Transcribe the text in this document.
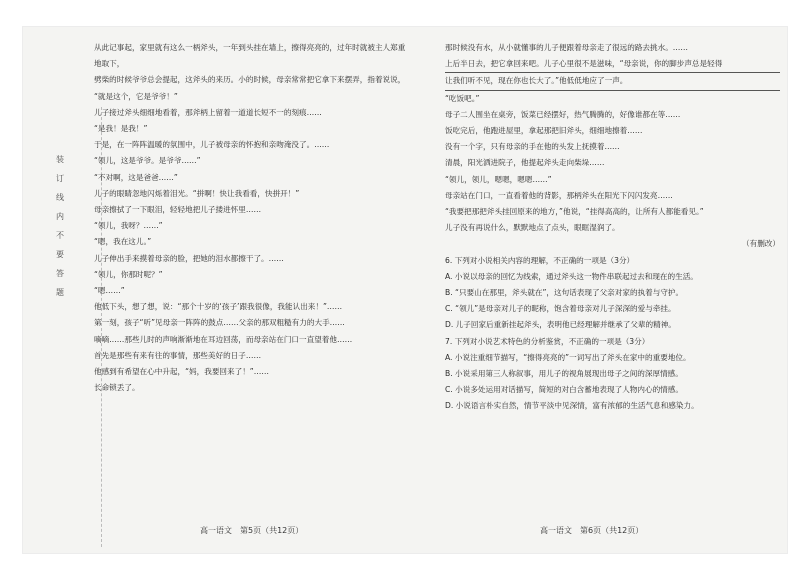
装
订
线
内
不
要
答
题

从此记事起，家里就有这么一柄斧头，一年到头挂在墙上，擦得亮亮的，过年时就被主人郑重地取下，

劈柴的时候爷爷总会提起，这斧头的来历。小的时候，母亲常常把它拿下来摆弄，指着说说，

“就是这个，它是爷爷！”

儿子接过斧头细细地看着，那斧柄上留着一道道长短不一的刻痕……

“是我！是我！”

于是，在一阵阵温暖的氛围中，儿子被母亲的怀抱和亲吻淹没了。……

“领儿，这是爷爷。是爷爷……”

“不对啊，这是爸爸……”

儿子的眼睛忽地闪烁着泪光。“拼啊！快让我看看，快拼开！”

母亲擦拭了一下眼泪，轻轻地把儿子搂进怀里……

“领儿，我呀？……”

“嗯，我在这儿。”

儿子伸出手来摸着母亲的脸，把她的泪水都擦干了。……

“领儿，你那时呢？”

“嗯……”

他低下头，想了想，说：“那个十岁的‘孩子’跟我很像，我能认出来！”……

第一刻，孩子“听”见母亲一阵阵的鼓点……父亲的那双粗糙有力的大手……

嘀嘀……那些儿时的声响渐渐地在耳边回荡，而母亲站在门口一直望着他……

首先是那些有来有往的事情，那些美好的日子……

他感到有希望在心中升起，“妈，我要回来了！”……

长命锁丢了。

那时候没有水，从小就懂事的儿子便跟着母亲走了很远的路去挑水。……

上后半日去，把它拿回来吧。儿子心里很不是滋味，“母亲说，你的脚步声总是轻得

让我们听不见，现在你也长大了。”他低低地应了一声。

“吃饭吧。”

母子二人围坐在桌旁，饭菜已经摆好，热气腾腾的，好像谁都在等……

饭吃完后，他跑进屋里，拿起那把旧斧头，细细地擦着……

没有一个字，只有母亲的手在他的头发上抚摸着……

清晨，阳光洒进院子，他提起斧头走向柴垛……

“领儿，领儿，嗯嗯，嗯嗯……”

母亲站在门口，一直看着他的背影，那柄斧头在阳光下闪闪发亮……

“我要把那把斧头挂回原来的地方，”他说，“挂得高高的，让所有人都能看见。”

儿子没有再说什么，默默地点了点头，眼眶湿润了。

（有删改）

6. 下列对小说相关内容的理解，不正确的一项是（3分）

A. 小说以母亲的回忆为线索，通过斧头这一物件串联起过去和现在的生活。

B. “只要山在那里，斧头就在”，这句话表现了父亲对家的执着与守护。

C. “领儿”是母亲对儿子的昵称，饱含着母亲对儿子深深的爱与牵挂。

D. 儿子回家后重新挂起斧头，表明他已经理解并继承了父辈的精神。

7. 下列对小说艺术特色的分析鉴赏，不正确的一项是（3分）

A. 小说注重细节描写，“擦得亮亮的”一词写出了斧头在家中的重要地位。

B. 小说采用第三人称叙事，用儿子的视角展现出母子之间的深厚情感。

C. 小说多处运用对话描写，简短的对白含蓄地表现了人物内心的情感。

D. 小说语言朴实自然，情节平淡中见深情，富有浓郁的生活气息和感染力。

高一语文　第5页（共12页）	高一语文　第6页（共12页）
